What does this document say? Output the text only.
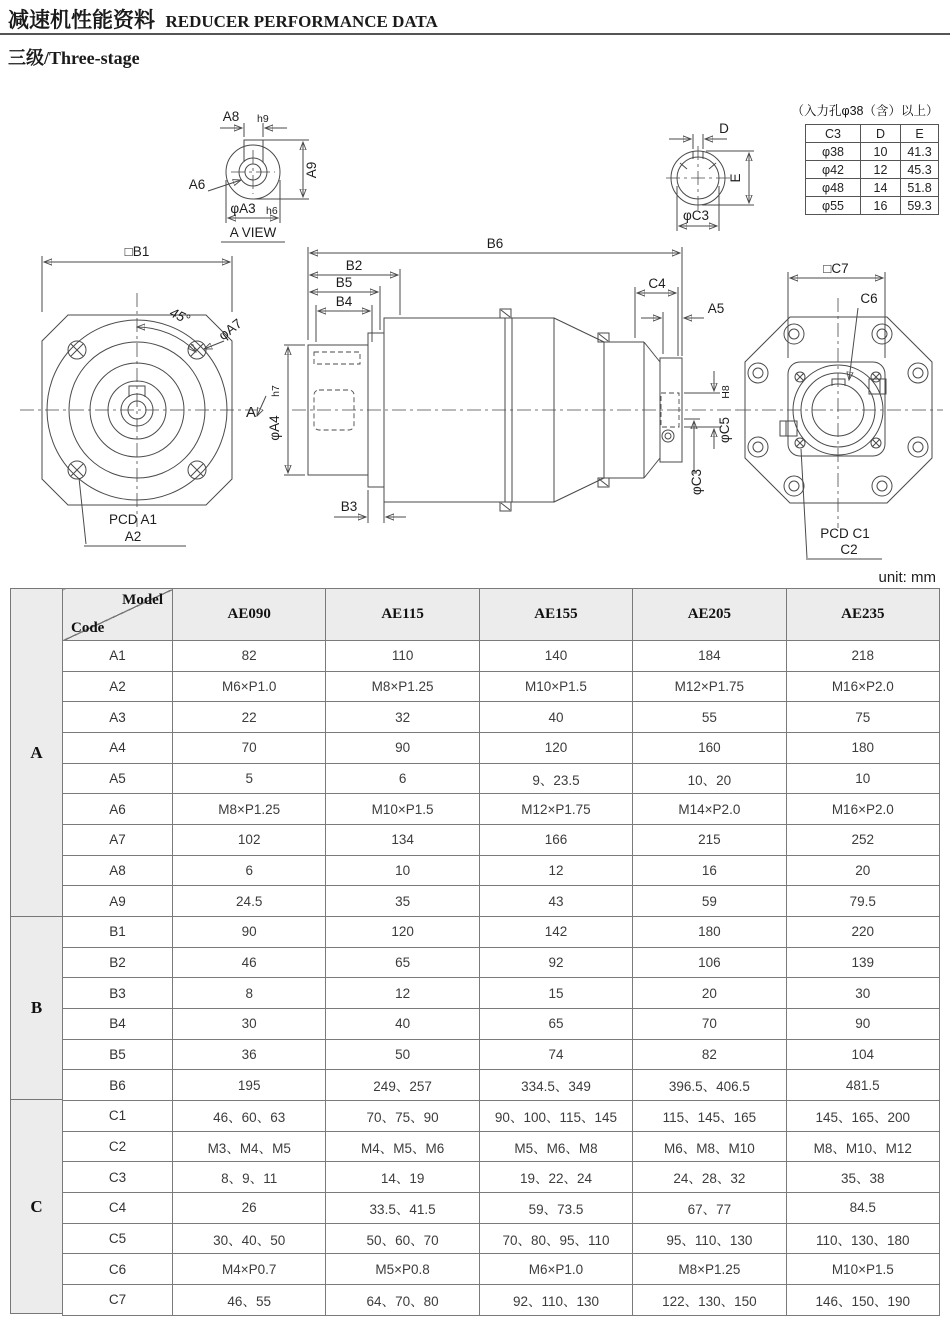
减速机性能资料 REDUCER PERFORMANCE DATA
三级/Three-stage
A8 h9
A9
A6
φA3 h6
A VIEW
D
E
φC3
□B1
45° φA7
A
PCD A1
A2
B6
B2
B5
B4
C4
A5
B3
φA4
h7
φC5
H8
φC3
□C7
C6
PCD C1
C2
unit: mm
（入力孔φ38（含）以上）
C3	D	E
φ38	10	41.3
φ42	12	45.3
φ48	14	51.8
φ55	16	59.3
A
B
C
Model
Code	AE090	AE115	AE155	AE205	AE235
A1	82	110	140	184	218
A2	M6×P1.0	M8×P1.25	M10×P1.5	M12×P1.75	M16×P2.0
A3	22	32	40	55	75
A4	70	90	120	160	180
A5	5	6	9、23.5	10、20	10
A6	M8×P1.25	M10×P1.5	M12×P1.75	M14×P2.0	M16×P2.0
A7	102	134	166	215	252
A8	6	10	12	16	20
A9	24.5	35	43	59	79.5
B1	90	120	142	180	220
B2	46	65	92	106	139
B3	8	12	15	20	30
B4	30	40	65	70	90
B5	36	50	74	82	104
B6	195	249、257	334.5、349	396.5、406.5	481.5
C1	46、60、63	70、75、90	90、100、115、145	115、145、165	145、165、200
C2	M3、M4、M5	M4、M5、M6	M5、M6、M8	M6、M8、M10	M8、M10、M12
C3	8、9、11	14、19	19、22、24	24、28、32	35、38
C4	26	33.5、41.5	59、73.5	67、77	84.5
C5	30、40、50	50、60、70	70、80、95、110	95、110、130	110、130、180
C6	M4×P0.7	M5×P0.8	M6×P1.0	M8×P1.25	M10×P1.5
C7	46、55	64、70、80	92、110、130	122、130、150	146、150、190
